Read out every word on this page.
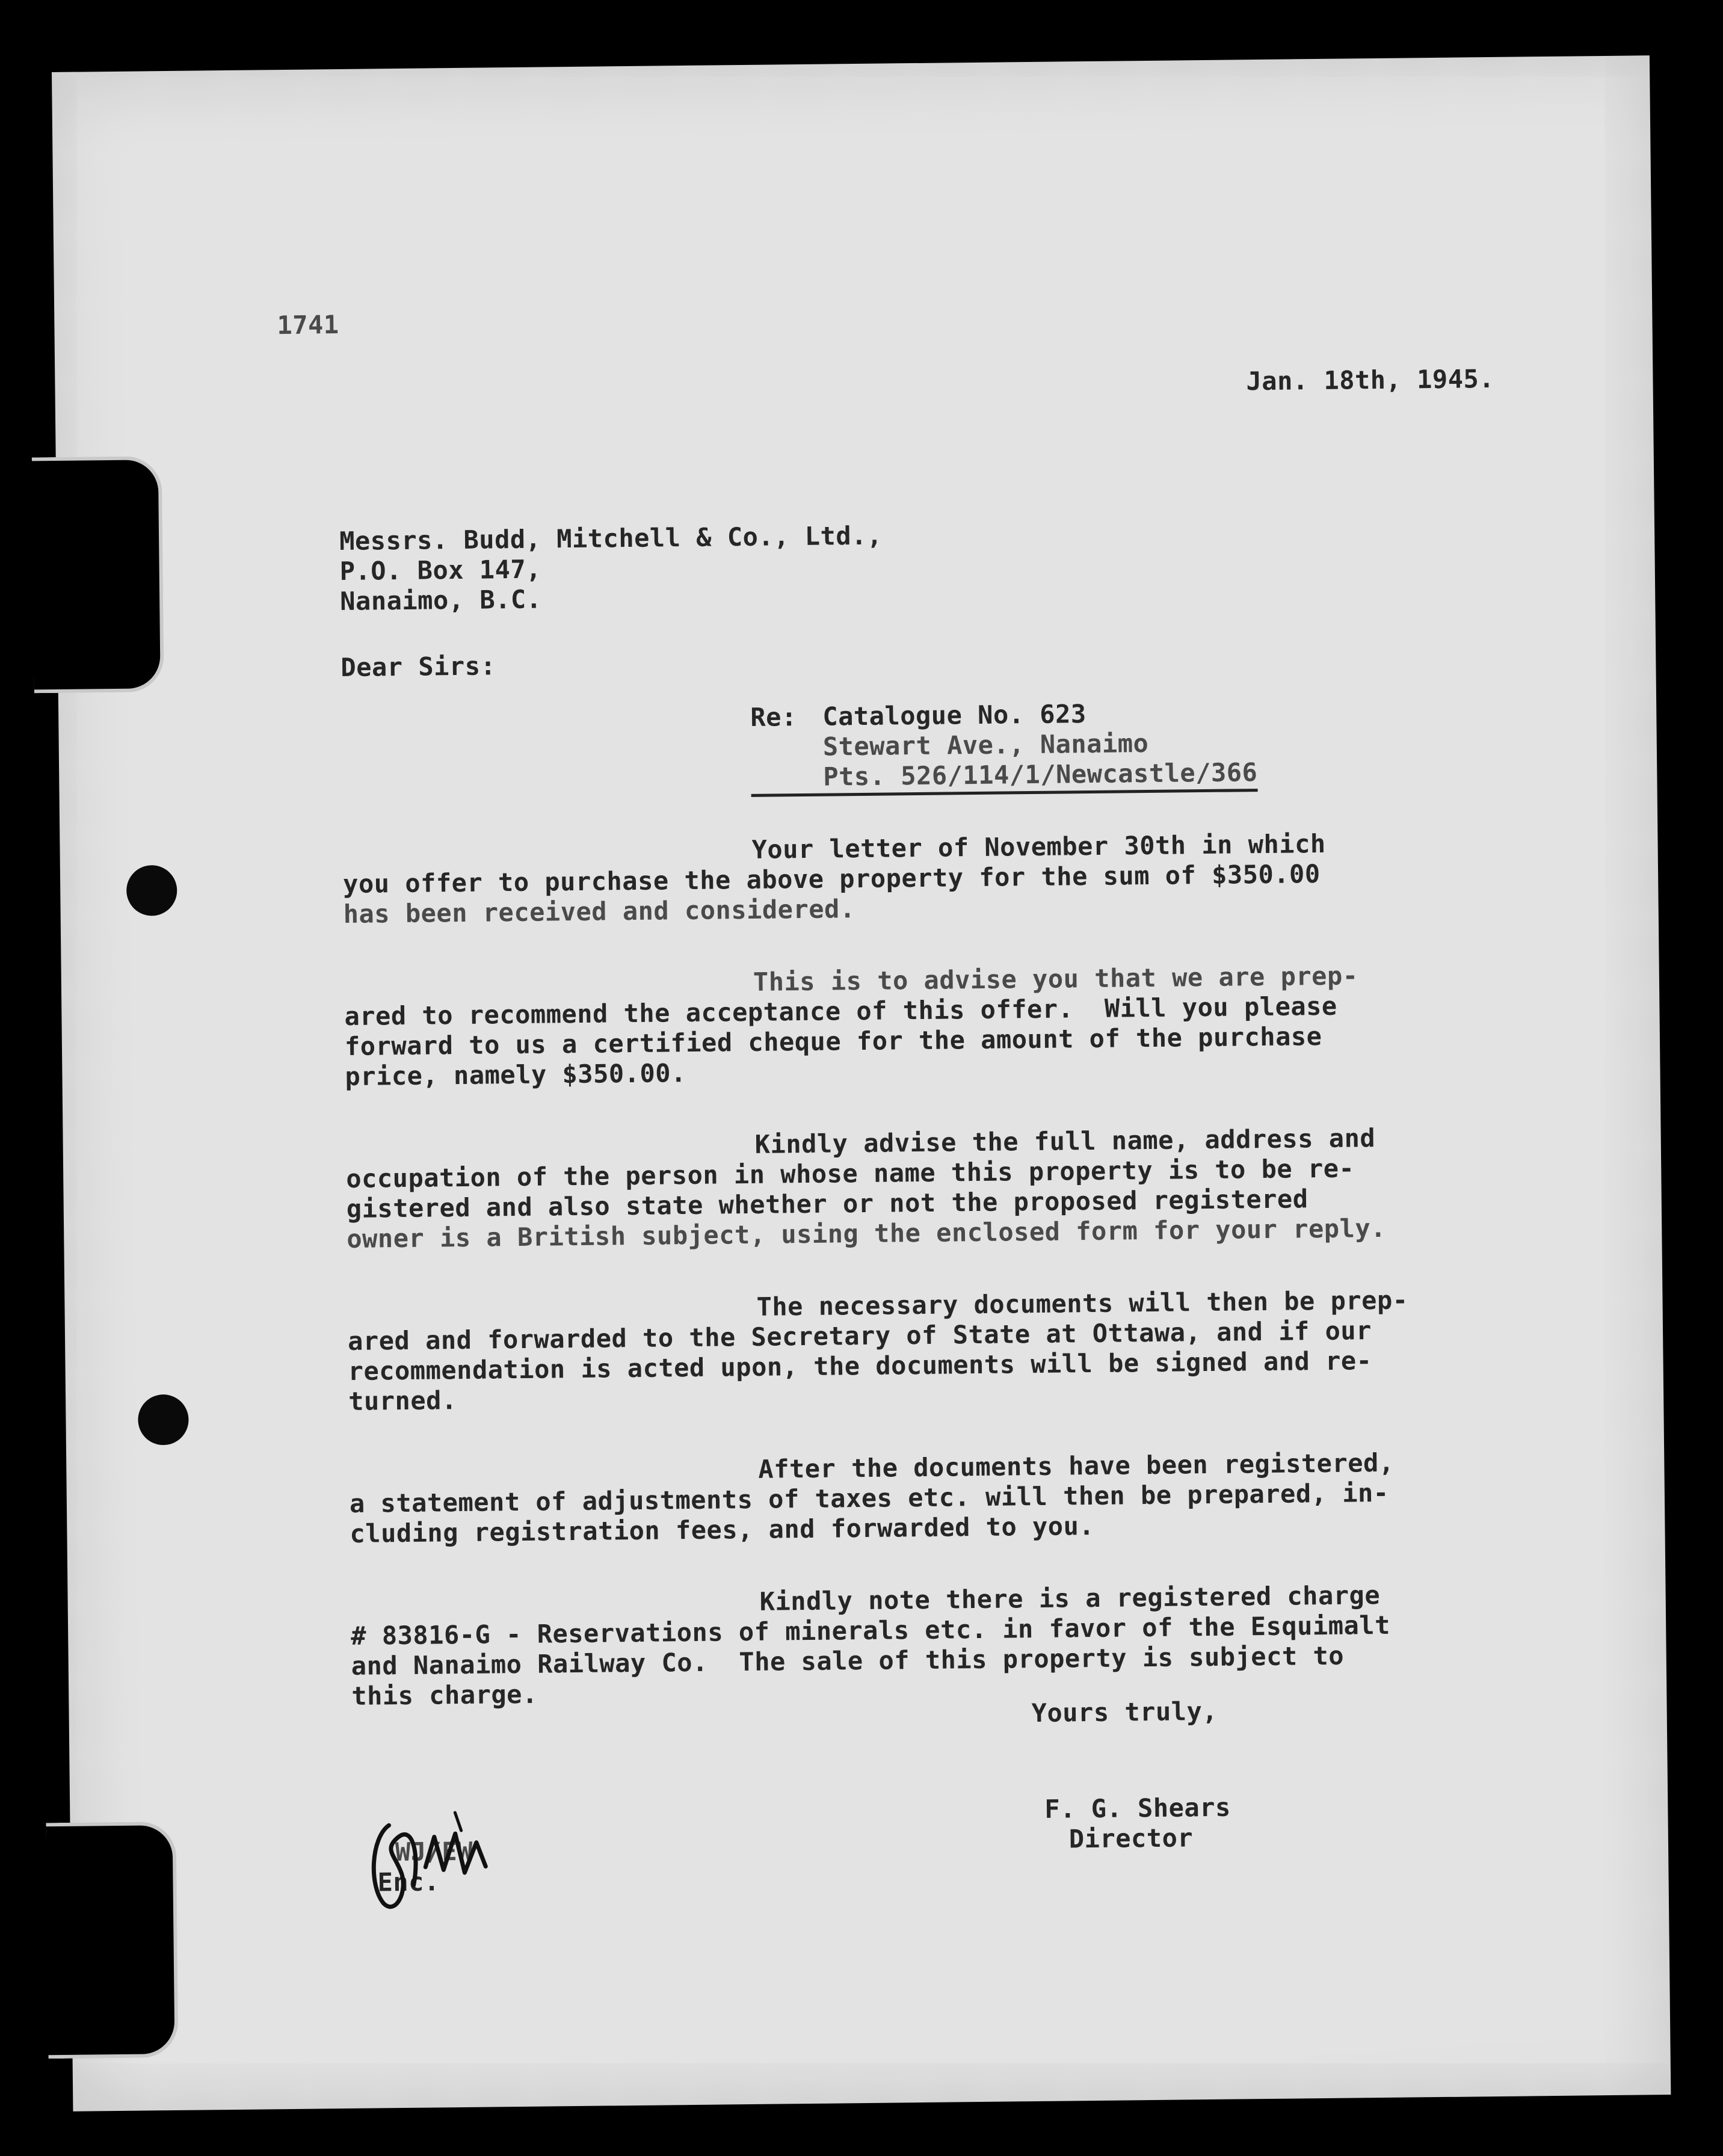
1741
Jan. 18th, 1945.
Messrs. Budd, Mitchell & Co., Ltd.,
P.O. Box 147,
Nanaimo, B.C.
Dear Sirs:
Re: Catalogue No. 623
Stewart Ave., Nanaimo
Pts. 526/114/1/Newcastle/366
Your letter of November 30th in which
you offer to purchase the above property for the sum of $350.00
has been received and considered.
This is to advise you that we are prep-
ared to recommend the acceptance of this offer.  Will you please
forward to us a certified cheque for the amount of the purchase
price, namely $350.00.
Kindly advise the full name, address and
occupation of the person in whose name this property is to be re-
gistered and also state whether or not the proposed registered
owner is a British subject, using the enclosed form for your reply.
The necessary documents will then be prep-
ared and forwarded to the Secretary of State at Ottawa, and if our
recommendation is acted upon, the documents will be signed and re-
turned.
After the documents have been registered,
a statement of adjustments of taxes etc. will then be prepared, in-
cluding registration fees, and forwarded to you.
Kindly note there is a registered charge
# 83816-G - Reservations of minerals etc. in favor of the Esquimalt
and Nanaimo Railway Co.  The sale of this property is subject to
this charge.
Yours truly,
F. G. Shears
Director
WJ/EW
Enc.
